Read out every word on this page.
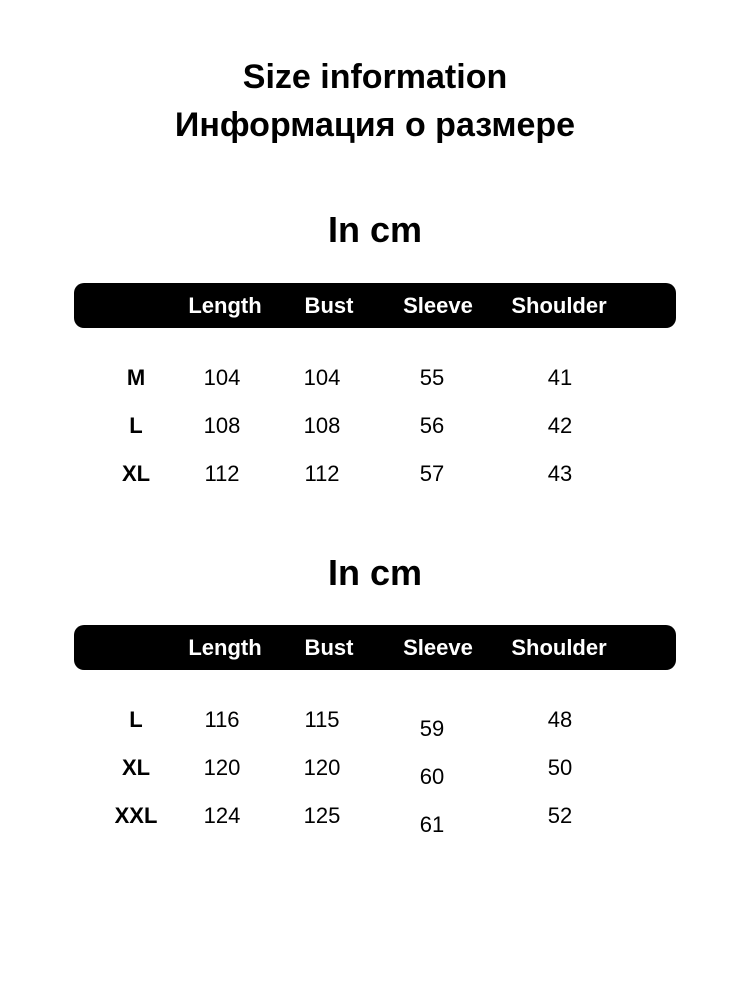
Size information
Информация о размере
In cm
Length Bust Sleeve Shoulder
M	104	104	55	41
L	108	108	56	42
XL 112	112	57	43
In cm
Length Bust Sleeve Shoulder
L	116	115	59	48
XL 120	120	60	50
XXL 124	125	61	52
